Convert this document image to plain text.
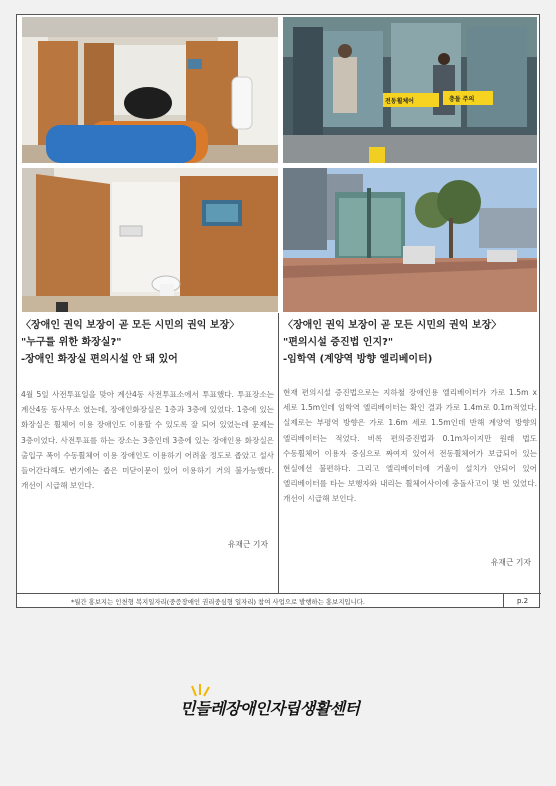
전동휠체어	충돌 주의
〈장애인 권익 보장이 곧 모든 시민의 권익 보장〉
"누구를 위한 화장실?"
-장애인 화장실 편의시설 안 돼 있어

4월 5일 사전투표일을 맞아 계산4동 사전투표소에서 투표했다. 투표장소는 계산4동 동사무소 였는데, 장애인화장실은 1층과 3층에 있었다. 1층에 있는 화장실은 휠체어 이용 장애인도 이용할 수 있도록 잘 되어 있었는데 문제는 3층이었다. 사전투표를 하는 장소는 3층인데 3층에 있는 장애인용 화장실은 출입구 폭이 수동휠체어 이용 장애인도 이용하기 어려울 정도로 좁았고 설사 들어간다해도 변기에는 좁은 미닫이문이 있어 이용하기 거의 불가능했다. 개선이 시급해 보인다.

유재근 기자
〈장애인 권익 보장이 곧 모든 시민의 권익 보장〉
"편의시설 증진법 인지?"
-임학역 (계양역 방향 엘리베이터)

현재 편의시설 증진법으로는 지하철 장애인용 엘리베이터가 가로 1.5m x 세로 1.5m인데 임학역 엘리베이터는 확인 결과 가로 1.4m로 0.1m적었다. 실제로는 부평역 방향은 가로 1.6m 세로 1.5m인데 반해 계양역 방향의 엘리베이터는 적었다. 비록 편의증진법과 0.1m차이지만 원래 법도 수동휠체어 이용자 중심으로 짜여져 있어서 전동휠체어가 보급되어 있는 현실에선 불편하다. 그리고 엘리베이터에 거울이 설치가 안되어 있어 엘리베이터를 타는 보행자와 내리는 휠체어사이에 충돌사고이 몇 번 있었다. 개선이 시급해 보인다.

유재근 기자
*월간 홍보지는 인천형 복지일자리(중증장애인 권리중심형 일자리) 참여 사업으로 발행하는 홍보지입니다.	p.2
민들레장애인자립생활센터
